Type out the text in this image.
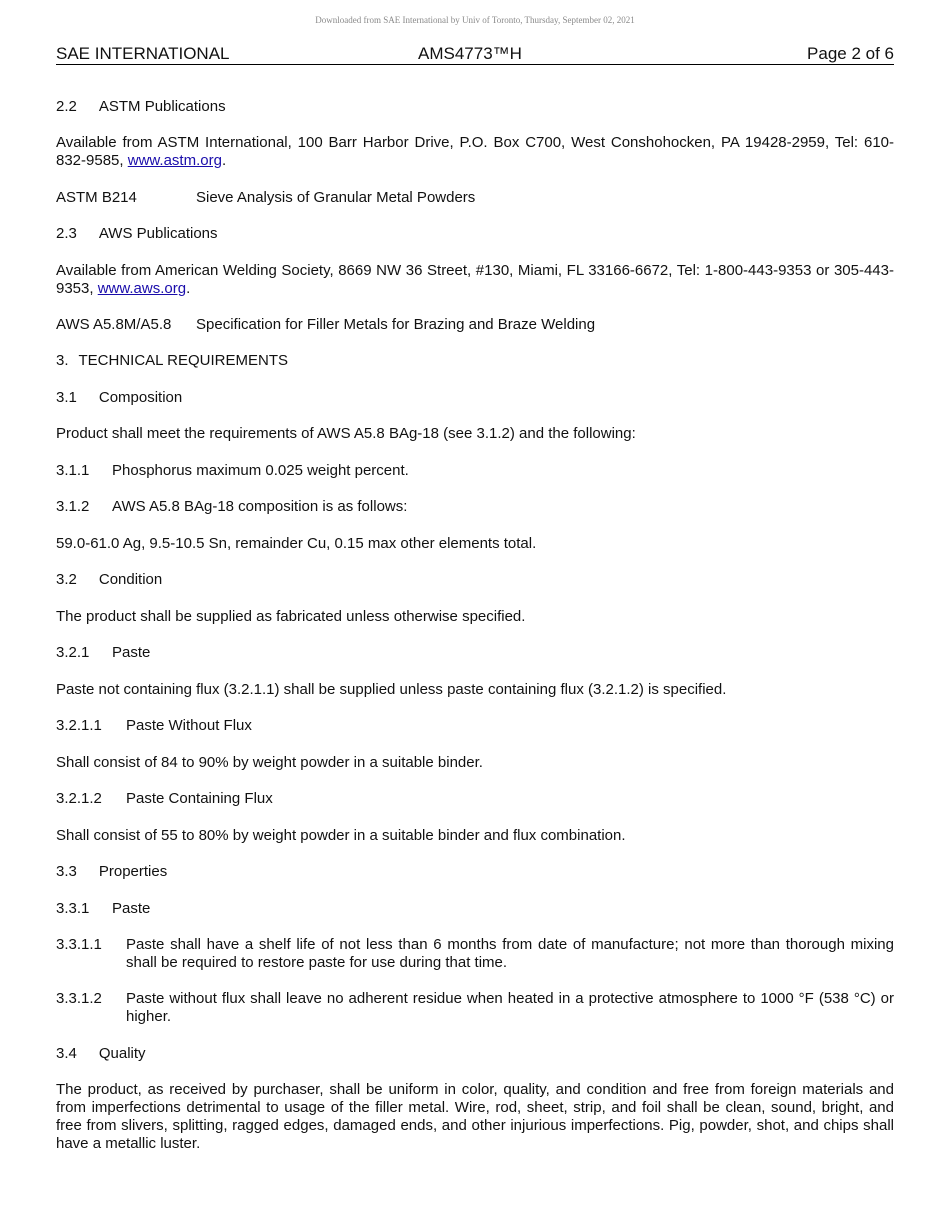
Downloaded from SAE International by Univ of Toronto, Thursday, September 02, 2021
SAE INTERNATIONAL	AMS4773™H	Page 2 of 6
2.2 ASTM Publications
Available from ASTM International, 100 Barr Harbor Drive, P.O. Box C700, West Conshohocken, PA 19428-2959, Tel: 610-832-9585, www.astm.org.
ASTM B214	Sieve Analysis of Granular Metal Powders
2.3 AWS Publications
Available from American Welding Society, 8669 NW 36 Street, #130, Miami, FL 33166-6672, Tel: 1-800-443-9353 or 305-443-9353, www.aws.org.
AWS A5.8M/A5.8 Specification for Filler Metals for Brazing and Braze Welding
3. TECHNICAL REQUIREMENTS
3.1 Composition
Product shall meet the requirements of AWS A5.8 BAg-18 (see 3.1.2) and the following:
3.1.1 Phosphorus maximum 0.025 weight percent.
3.1.2 AWS A5.8 BAg-18 composition is as follows:
59.0-61.0 Ag, 9.5-10.5 Sn, remainder Cu, 0.15 max other elements total.
3.2 Condition
The product shall be supplied as fabricated unless otherwise specified.
3.2.1 Paste
Paste not containing flux (3.2.1.1) shall be supplied unless paste containing flux (3.2.1.2) is specified.
3.2.1.1 Paste Without Flux
Shall consist of 84 to 90% by weight powder in a suitable binder.
3.2.1.2 Paste Containing Flux
Shall consist of 55 to 80% by weight powder in a suitable binder and flux combination.
3.3 Properties
3.3.1 Paste
3.3.1.1	Paste shall have a shelf life of not less than 6 months from date of manufacture; not more than thorough mixing shall be required to restore paste for use during that time.
3.3.1.2	Paste without flux shall leave no adherent residue when heated in a protective atmosphere to 1000 °F (538 °C) or higher.
3.4 Quality
The product, as received by purchaser, shall be uniform in color, quality, and condition and free from foreign materials and from imperfections detrimental to usage of the filler metal. Wire, rod, sheet, strip, and foil shall be clean, sound, bright, and free from slivers, splitting, ragged edges, damaged ends, and other injurious imperfections. Pig, powder, shot, and chips shall have a metallic luster.
